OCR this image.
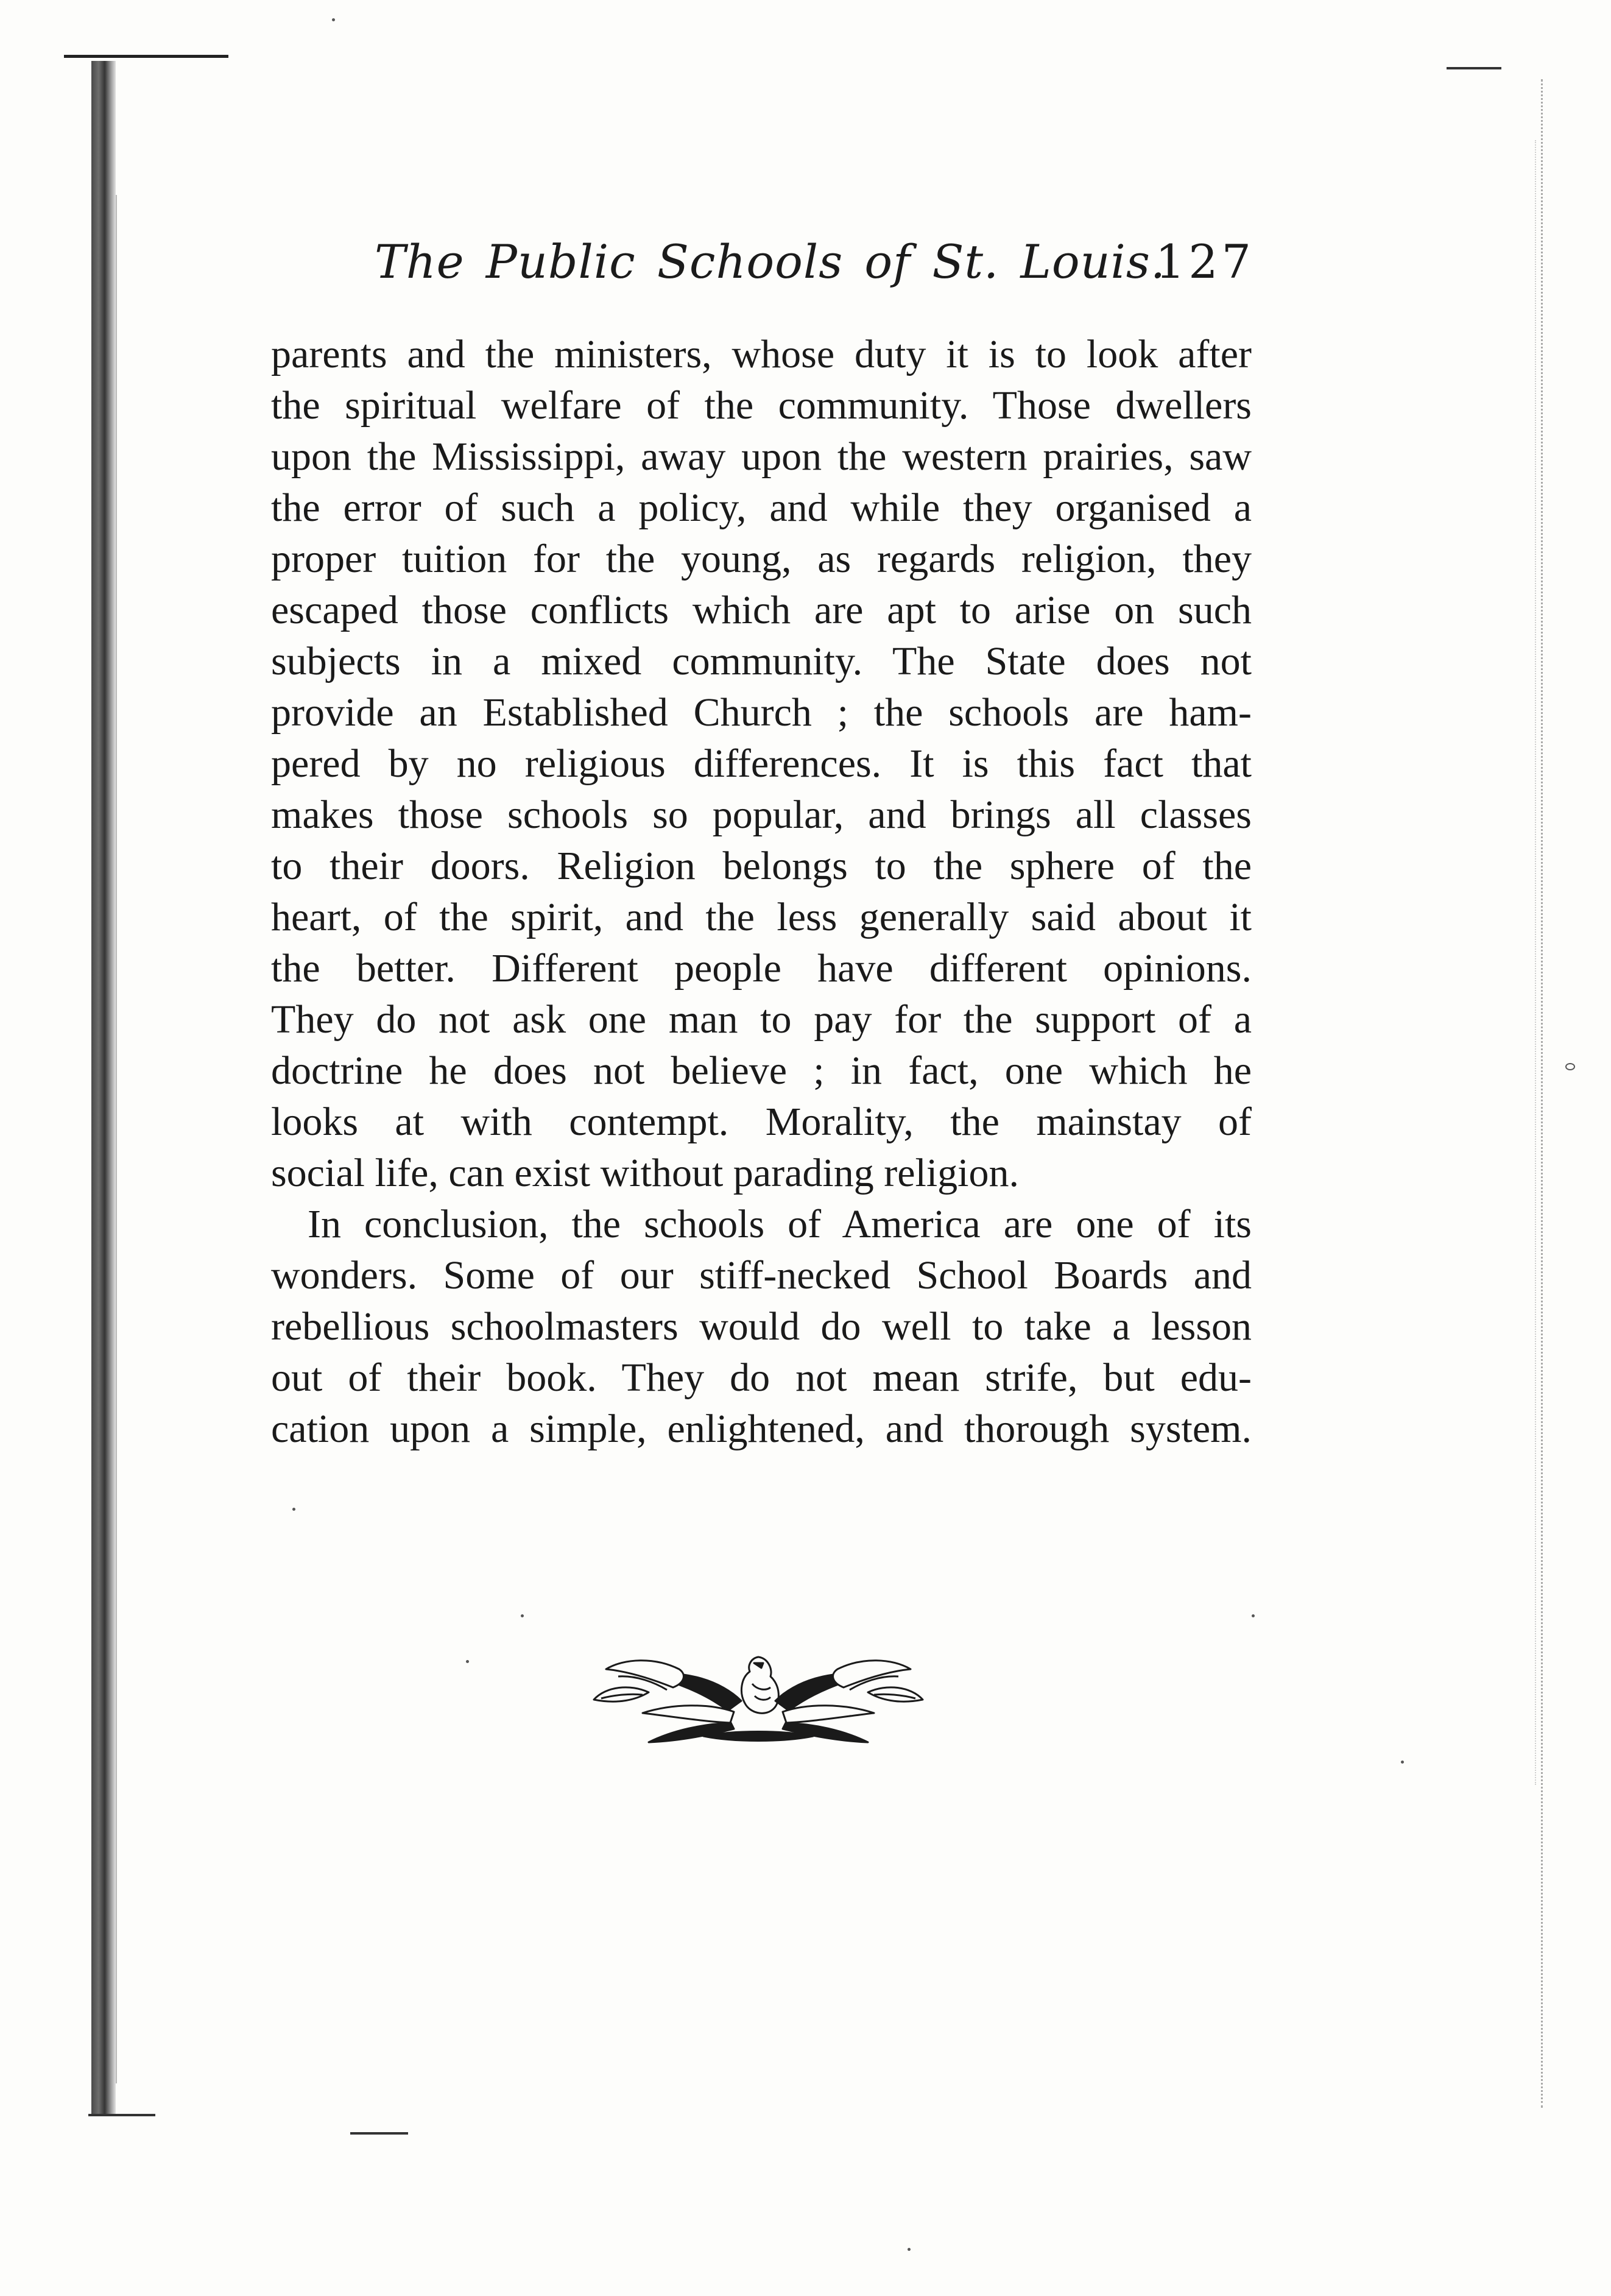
The Public Schools of St. Louis.
127
parents and the ministers, whose duty it is to look after
the spiritual welfare of the community. Those dwellers
upon the Mississippi, away upon the western prairies, saw
the error of such a policy, and while they organised a
proper tuition for the young, as regards religion, they
escaped those conflicts which are apt to arise on such
subjects in a mixed community. The State does not
provide an Established Church ; the schools are ham-
pered by no religious differences. It is this fact that
makes those schools so popular, and brings all classes
to their doors. Religion belongs to the sphere of the
heart, of the spirit, and the less generally said about it
the better. Different people have different opinions.
They do not ask one man to pay for the support of a
doctrine he does not believe ; in fact, one which he
looks at with contempt. Morality, the mainstay of
social life, can exist without parading religion.
In conclusion, the schools of America are one of its
wonders. Some of our stiff-necked School Boards and
rebellious schoolmasters would do well to take a lesson
out of their book. They do not mean strife, but edu-
cation upon a simple, enlightened, and thorough system.
